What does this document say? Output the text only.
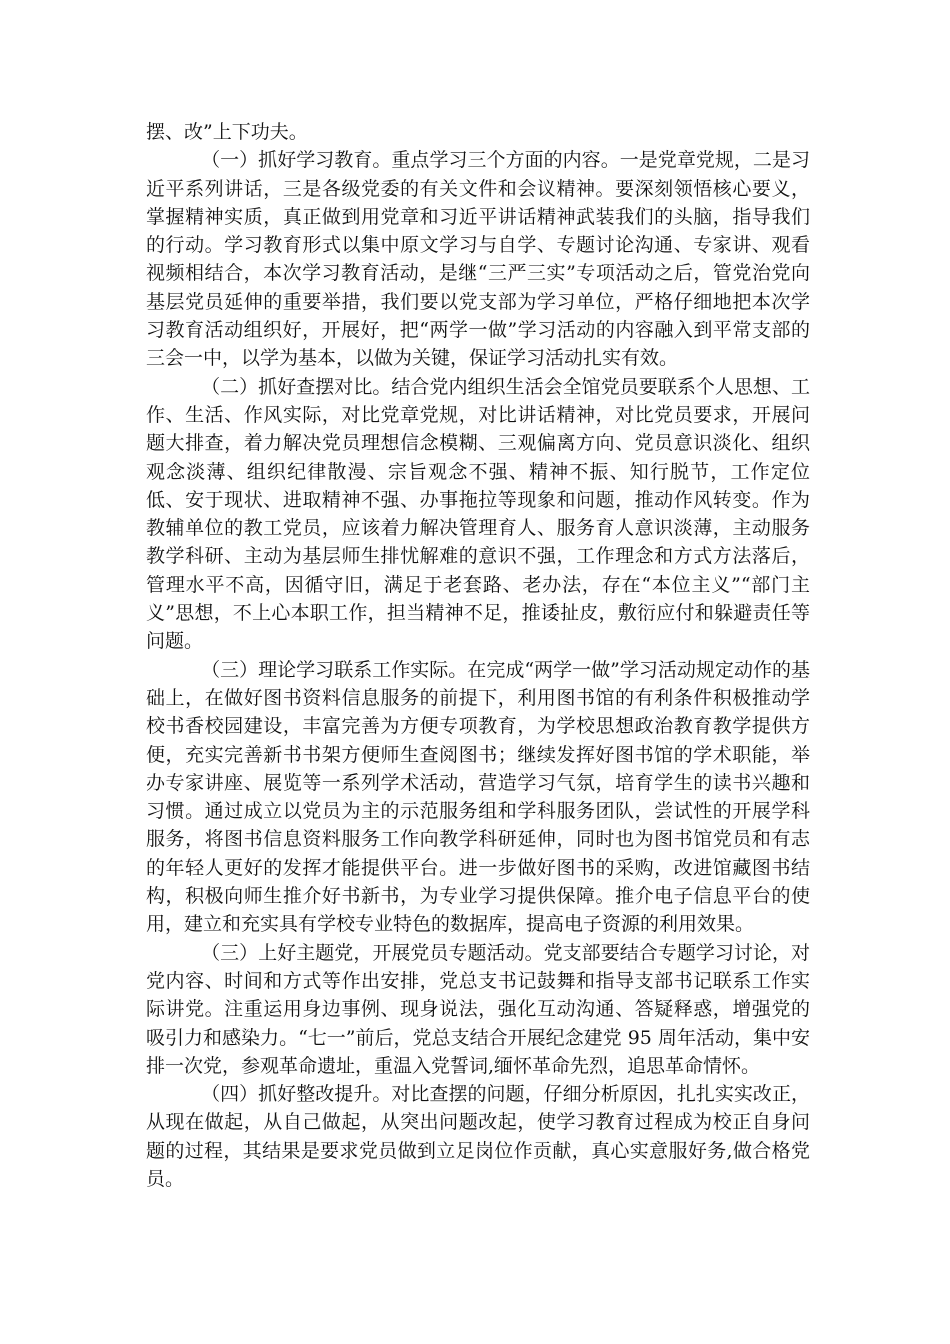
摆、改”上下功夫。

（一）抓好学习教育。重点学习三个方面的内容。一是党章党规，二是习近平系列讲话，三是各级党委的有关文件和会议精神。要深刻领悟核心要义，掌握精神实质，真正做到用党章和习近平讲话精神武装我们的头脑，指导我们的行动。学习教育形式以集中原文学习与自学、专题讨论沟通、专家讲、观看视频相结合，本次学习教育活动，是继“三严三实”专项活动之后，管党治党向基层党员延伸的重要举措，我们要以党支部为学习单位，严格仔细地把本次学习教育活动组织好，开展好，把“两学一做”学习活动的内容融入到平常支部的三会一中，以学为基本，以做为关键，保证学习活动扎实有效。

（二）抓好查摆对比。结合党内组织生活会全馆党员要联系个人思想、工作、生活、作风实际，对比党章党规，对比讲话精神，对比党员要求，开展问题大排查，着力解决党员理想信念模糊、三观偏离方向、党员意识淡化、组织观念淡薄、组织纪律散漫、宗旨观念不强、精神不振、知行脱节，工作定位低、安于现状、进取精神不强、办事拖拉等现象和问题，推动作风转变。作为教辅单位的教工党员，应该着力解决管理育人、服务育人意识淡薄，主动服务教学科研、主动为基层师生排忧解难的意识不强，工作理念和方式方法落后，管理水平不高，因循守旧，满足于老套路、老办法，存在“本位主义”“部门主义”思想，不上心本职工作，担当精神不足，推诿扯皮，敷衍应付和躲避责任等问题。

（三）理论学习联系工作实际。在完成“两学一做”学习活动规定动作的基础上，在做好图书资料信息服务的前提下，利用图书馆的有利条件积极推动学校书香校园建设，丰富完善为方便专项教育，为学校思想政治教育教学提供方便，充实完善新书书架方便师生查阅图书；继续发挥好图书馆的学术职能，举办专家讲座、展览等一系列学术活动，营造学习气氛，培育学生的读书兴趣和习惯。通过成立以党员为主的示范服务组和学科服务团队，尝试性的开展学科服务，将图书信息资料服务工作向教学科研延伸，同时也为图书馆党员和有志的年轻人更好的发挥才能提供平台。进一步做好图书的采购，改进馆藏图书结构，积极向师生推介好书新书，为专业学习提供保障。推介电子信息平台的使用，建立和充实具有学校专业特色的数据库，提高电子资源的利用效果。

（三）上好主题党，开展党员专题活动。党支部要结合专题学习讨论，对党内容、时间和方式等作出安排，党总支书记鼓舞和指导支部书记联系工作实际讲党。注重运用身边事例、现身说法，强化互动沟通、答疑释惑，增强党的吸引力和感染力。“七一”前后，党总支结合开展纪念建党 95 周年活动，集中安排一次党，参观革命遗址，重温入党誓词,缅怀革命先烈，追思革命情怀。

（四）抓好整改提升。对比查摆的问题，仔细分析原因，扎扎实实改正，从现在做起，从自己做起，从突出问题改起，使学习教育过程成为校正自身问题的过程，其结果是要求党员做到立足岗位作贡献，真心实意服好务,做合格党员。
